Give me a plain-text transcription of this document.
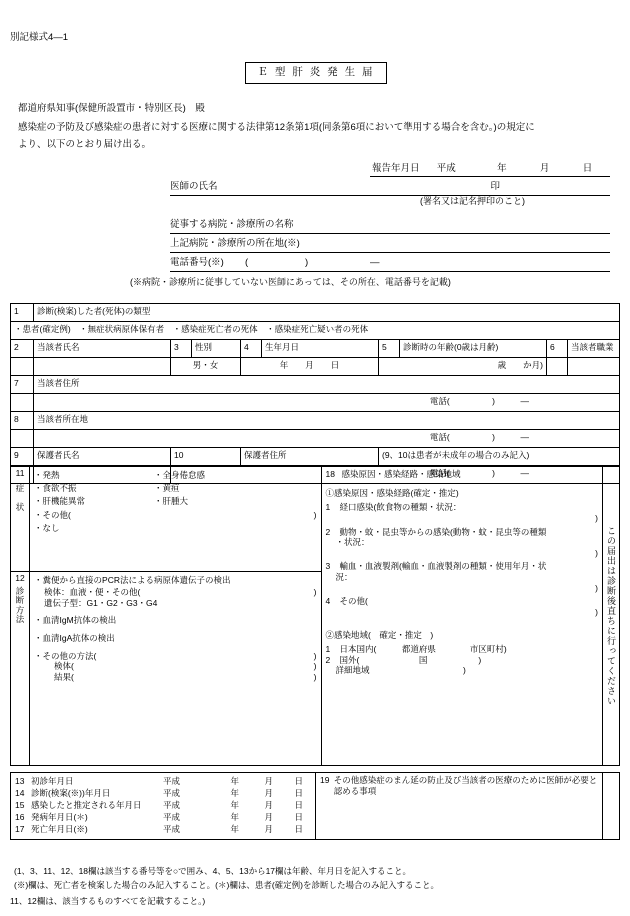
別記様式4―1
Ｅ 型 肝 炎 発 生 届
都道府県知事(保健所設置市・特別区長)　殿
感染症の予防及び感染症の患者に対する医療に関する法律第12条第1項(同条第6項において準用する場合を含む。)の規定に
より、以下のとおり届け出る。
報告年月日 平成	年	月	日
医師の氏名	印
(署名又は記名押印のこと)
従事する病院・診療所の名称
上記病院・診療所の所在地(※)
電話番号(※) (	)	―
(※病院・診療所に従事していない医師にあっては、その所在、電話番号を記載)
1	診断(検案)した者(死体)の類型								
・患者(確定例)　・無症状病原体保有者　・感染症死亡者の死体　・感染症死亡疑い者の死体									
2	当該者氏名	3	性別	4	生年月日	5	診断時の年齢(0歳は月齢)	6	当該者職業
		男・女		年　　月　　日		歳　　か月)			
7	当該者住所								
	電話(　　　　　)　　　―								
8	当該者所在地								
	電話(　　　　　)　　　―								
9	保護者氏名	10		保護者住所		(9、10は患者が未成年の場合のみ記入)			
		電話(　　　　　)　　　―							
11
症

状

・発熱	・全身倦怠感
・食欲不振	・黄疸
・肝機能異常	・肝腫大
・その他(	)
・なし

18 感染原因・感染経路・感染地域
①感染原因・感染経路(確定・推定)
1	経口感染(飲食物の種類・状況：
)
2	動物・蚊・昆虫等からの感染(動物・蚊・昆虫等の種類
・状況：
)
3	輸血・血液製剤(輸血・血液製剤の種類・使用年月・状
況：
)
4	その他(
)
②感染地域(　確定・推定　)
1	日本国内(　　　都道府県　　　　市区町村)
2	国外(　　　　　　　国　　　　　　)
詳細地域　　　　　　　　　　　)	この届出は診断後直ちに行ってください

12
診
断
方
法

・糞便から直接のPCR法による病原体遺伝子の検出
検体：血液・便・その他(	)
遺伝子型：G1・G2・G3・G4
・血清IgM抗体の検出
・血清IgA抗体の検出
・その他の方法(	)
検体(	)
結果(	)
13 初診年月日	平成	年	月	日
14 診断(検案(※))年月日	平成	年	月	日
15 感染したと推定される年月日	平成	年	月	日
16 発病年月日(＊)	平成	年	月	日
17 死亡年月日(※)	平成	年	月	日

19 その他感染症のまん延の防止及び当該者の医療のために医師が必要と認める事項

(1、3、11、12、18欄は該当する番号等を○で囲み、4、5、13から17欄は年齢、年月日を記入すること。
(※)欄は、死亡者を検案した場合のみ記入すること。(＊)欄は、患者(確定例)を診断した場合のみ記入すること。
11、12欄は、該当するものすべてを記載すること。)
